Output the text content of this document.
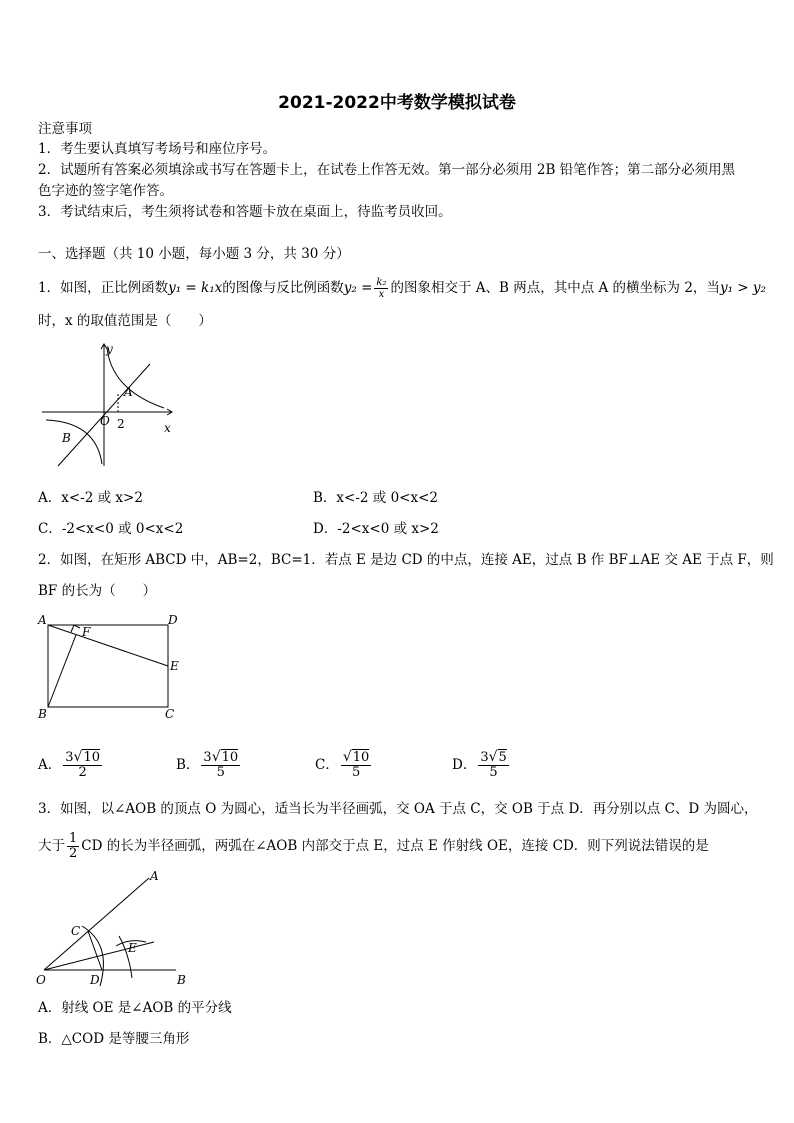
2021-2022中考数学模拟试卷
注意事项
1．考生要认真填写考场号和座位序号。
2．试题所有答案必须填涂或书写在答题卡上，在试卷上作答无效。第一部分必须用 2B 铅笔作答；第二部分必须用黑
色字迹的签字笔作答。
3．考试结束后，考生须将试卷和答题卡放在桌面上，待监考员收回。
一、选择题（共 10 小题，每小题 3 分，共 30 分）
1．如图，正比例函数 y₁ = k₁x 的图像与反比例函数 $y_2 = \frac{\text{k₂}}{x}$ 的图象相交于 A、B 两点，其中点 A 的横坐标为 2，当 y₁ > y₂
时，x 的取值范围是（　　）
y
x
O 2
A
B
A．x<-2 或 x>2	B．x<-2 或 0<x<2
C．-2<x<0 或 0<x<2	D．-2<x<0 或 x>2
2．如图，在矩形 ABCD 中，AB=2，BC=1．若点 E 是边 CD 的中点，连接 AE，过点 B 作 BF⊥AE 交 AE 于点 F，则
BF 的长为（　　）
A	D
B	C
E
F
A． $\frac{3√10}{2}$	B． $\frac{3√10}{5}$	C． $\frac{√10}{5}$	D． $\frac{3√5}{5}$
3．如图，以∠AOB 的顶点 O 为圆心，适当长为半径画弧，交 OA 于点 C，交 OB 于点 D．再分别以点 C、D 为圆心，
大于 $\frac{1}{2}$ CD 的长为半径画弧，两弧在∠AOB 内部交于点 E，过点 E 作射线 OE，连接 CD．则下列说法错误的是
O	B
A
C
D
E
A．射线 OE 是∠AOB 的平分线
B．△COD 是等腰三角形
